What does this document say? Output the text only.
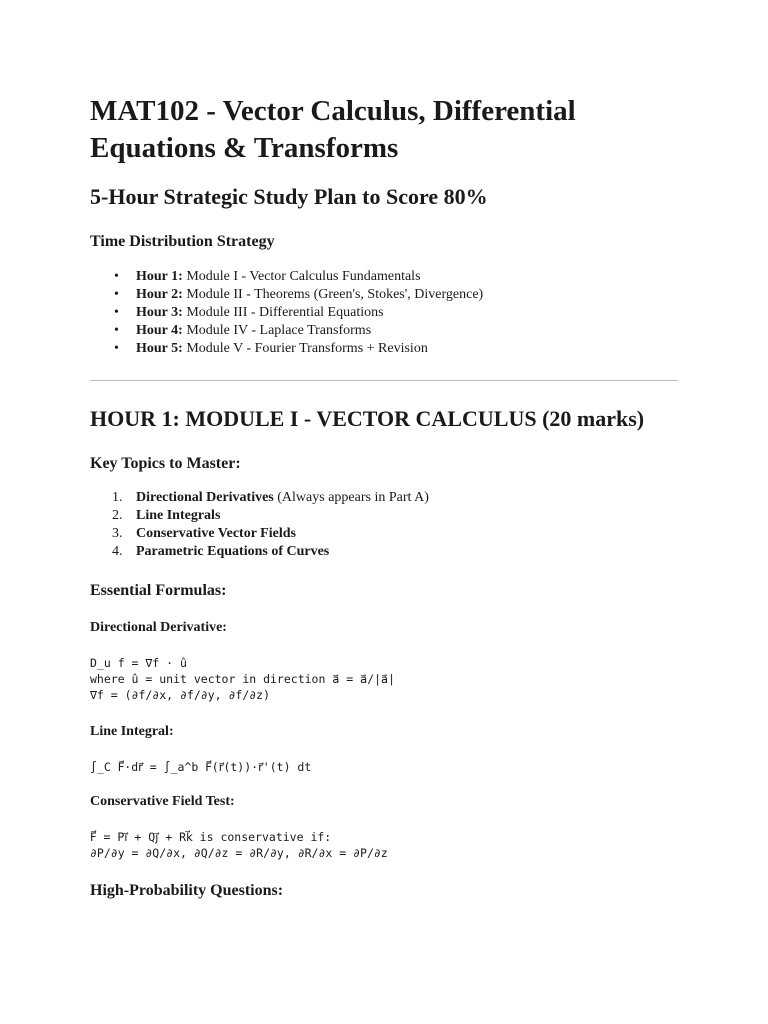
MAT102 - Vector Calculus, Differential Equations & Transforms
5-Hour Strategic Study Plan to Score 80%
Time Distribution Strategy
• Hour 1: Module I - Vector Calculus Fundamentals
• Hour 2: Module II - Theorems (Green's, Stokes', Divergence)
• Hour 3: Module III - Differential Equations
• Hour 4: Module IV - Laplace Transforms
• Hour 5: Module V - Fourier Transforms + Revision
HOUR 1: MODULE I - VECTOR CALCULUS (20 marks)
Key Topics to Master:
1. Directional Derivatives (Always appears in Part A)
2. Line Integrals
3. Conservative Vector Fields
4. Parametric Equations of Curves
Essential Formulas:
Directional Derivative:
D_u f = ∇f · û
where û = unit vector in direction a⃗ = a⃗/|a⃗|
∇f = (∂f/∂x, ∂f/∂y, ∂f/∂z)
Line Integral:
∫_C F⃗·dr⃗ = ∫_a^b F⃗(r⃗(t))·r⃗'(t) dt
Conservative Field Test:
F⃗ = Pi⃗ + Qj⃗ + Rk⃗ is conservative if:
∂P/∂y = ∂Q/∂x, ∂Q/∂z = ∂R/∂y, ∂R/∂x = ∂P/∂z
High-Probability Questions:
